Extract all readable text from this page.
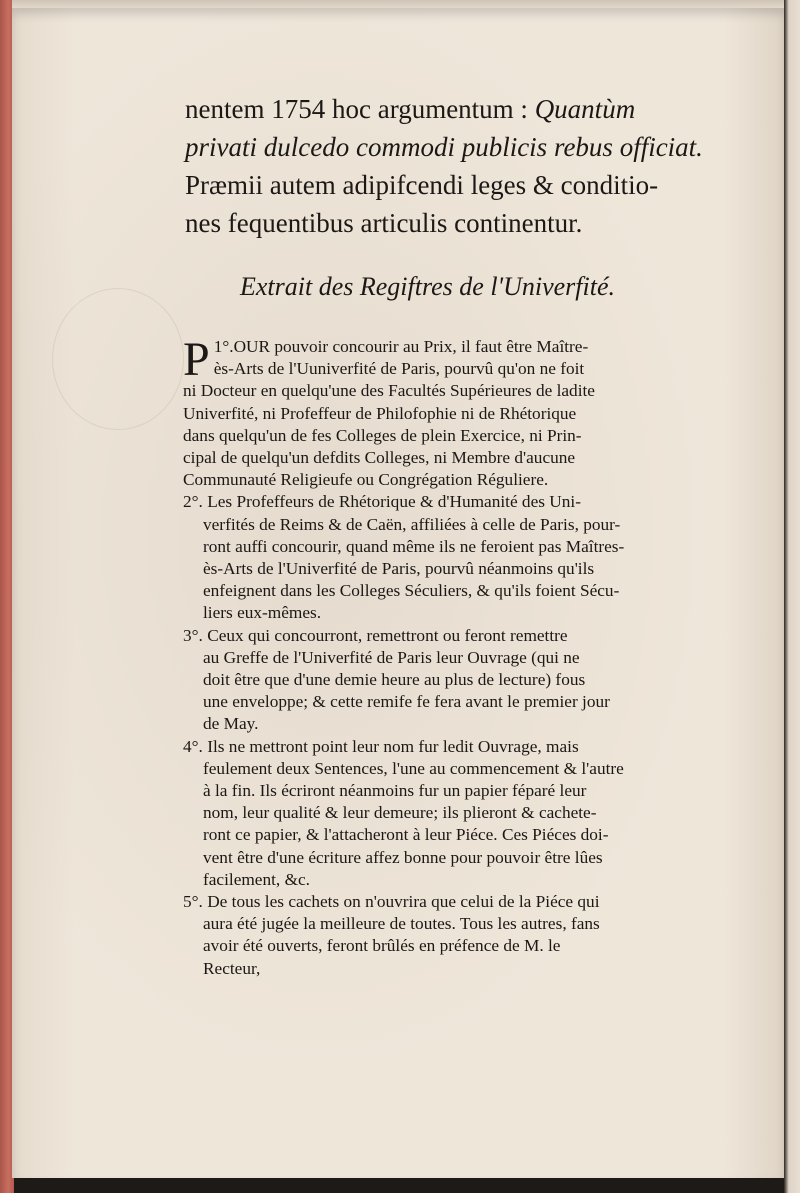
nentem 1754 hoc argumentum : Quantùm
privati dulcedo commodi publicis rebus officiat.
Præmii autem adipifcendi leges & conditio-
nes fequentibus articulis continentur.
Extrait des Regiftres de l'Univerfité.
1°.
P OUR pouvoir concourir au Prix, il faut être Maître-
ès-Arts de l'Uuniverfité de Paris, pourvû qu'on ne foit
ni Docteur en quelqu'une des Facultés Supérieures de ladite
Univerfité, ni Profeffeur de Philofophie ni de Rhétorique
dans quelqu'un de fes Colleges de plein Exercice, ni Prin-
cipal de quelqu'un defdits Colleges, ni Membre d'aucune
Communauté Religieufe ou Congrégation Réguliere.
2°. Les Profeffeurs de Rhétorique & d'Humanité des Uni-
verfités de Reims & de Caën, affiliées à celle de Paris, pour-
ront auffi concourir, quand même ils ne feroient pas Maîtres-
ès-Arts de l'Univerfité de Paris, pourvû néanmoins qu'ils
enfeignent dans les Colleges Séculiers, & qu'ils foient Sécu-
liers eux-mêmes.
3°. Ceux qui concourront, remettront ou feront remettre
au Greffe de l'Univerfité de Paris leur Ouvrage (qui ne
doit être que d'une demie heure au plus de lecture) fous
une enveloppe; & cette remife fe fera avant le premier jour
de May.
4°. Ils ne mettront point leur nom fur ledit Ouvrage, mais
feulement deux Sentences, l'une au commencement & l'autre
à la fin. Ils écriront néanmoins fur un papier féparé leur
nom, leur qualité & leur demeure; ils plieront & cachete-
ront ce papier, & l'attacheront à leur Piéce. Ces Piéces doi-
vent être d'une écriture affez bonne pour pouvoir être lûes
facilement, &c.
5°. De tous les cachets on n'ouvrira que celui de la Piéce qui
aura été jugée la meilleure de toutes. Tous les autres, fans
avoir été ouverts, feront brûlés en préfence de M. le
Recteur,
